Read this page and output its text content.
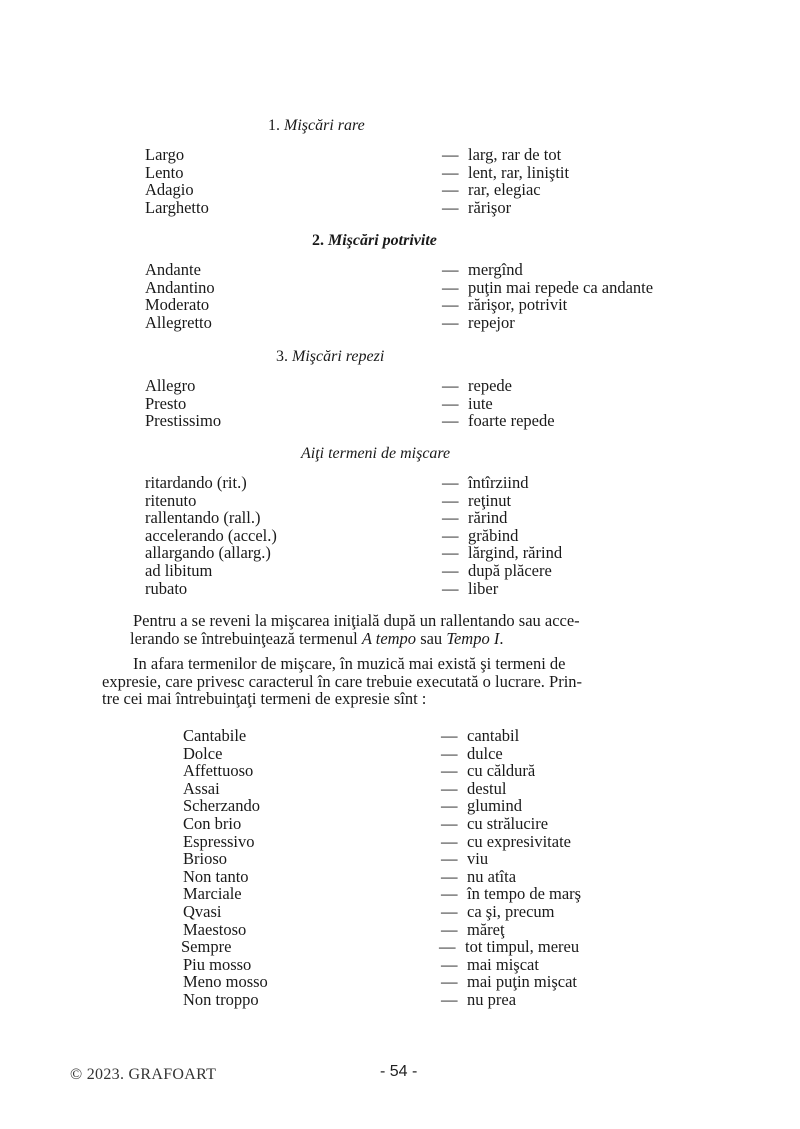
1. Mişcări rare
Largo	— larg, rar de tot
Lento	— lent, rar, liniştit
Adagio	— rar, elegiac
Larghetto	— rărişor
2. Mişcări potrivite
Andante	— mergînd
Andantino	— puţin mai repede ca andante
Moderato	— rărişor, potrivit
Allegretto	— repejor
3. Mişcări repezi
Allegro	— repede
Presto	— iute
Prestissimo	— foarte repede
Aiţi termeni de mişcare
ritardando (rit.)	— întîrziind
ritenuto	— reţinut
rallentando (rall.)	— rărind
accelerando (accel.)	— grăbind
allargando (allarg.)	— lărgind, rărind
ad libitum	— după plăcere
rubato	— liber
Pentru a se reveni la mişcarea iniţială după un rallentando sau acce-
lerando se întrebuinţează termenul A tempo sau Tempo I.
In afara termenilor de mişcare, în muzică mai există şi termeni de
expresie, care privesc caracterul în care trebuie executată o lucrare. Prin-
tre cei mai întrebuinţaţi termeni de expresie sînt :
Cantabile	— cantabil
Dolce	— dulce
Affettuoso	— cu căldură
Assai	— destul
Scherzando	— glumind
Con brio	— cu strălucire
Espressivo	— cu expresivitate
Brioso	— viu
Non tanto	— nu atîta
Marciale	— în tempo de marş
Qvasi	— ca şi, precum
Maestoso	— măreţ
Sempre	— tot timpul, mereu
Piu mosso	— mai mişcat
Meno mosso	— mai puţin mişcat
Non troppo	— nu prea
© 2023. GRAFOART	- 54 -
